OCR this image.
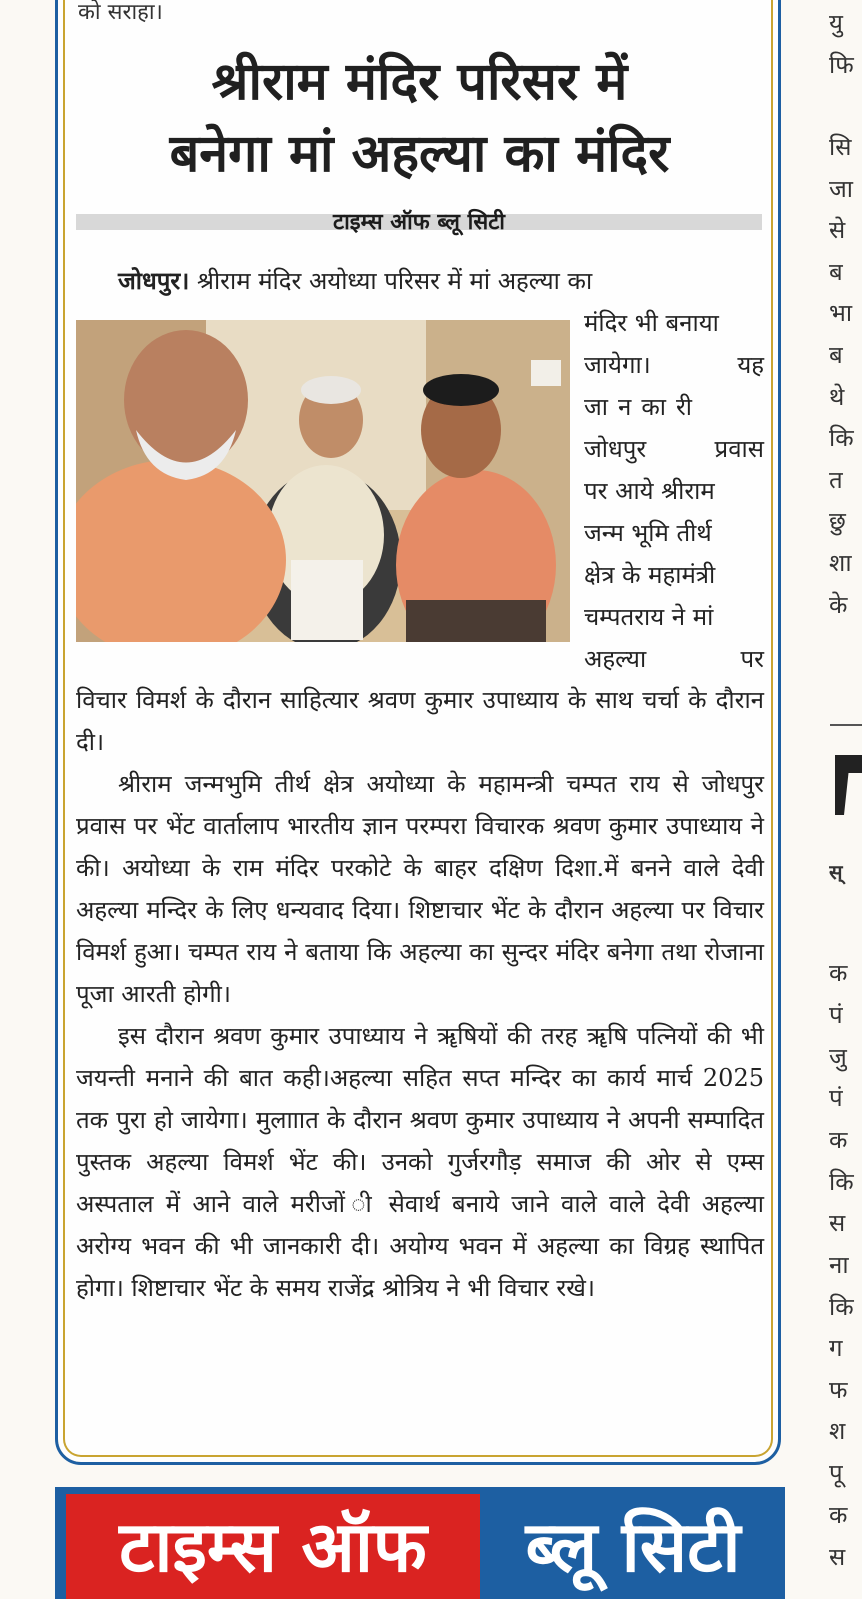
को सराहा।
श्रीराम मंदिर परिसर में
बनेगा मां अहल्या का मंदिर
टाइम्स ऑफ ब्लू सिटी
जोधपुर। श्रीराम मंदिर अयोध्या परिसर में मां अहल्या का
मंदिर भी बनाया
जायेगा। यह
जानकारी
जोधपुर प्रवास
पर आये श्रीराम
जन्म भूमि तीर्थ
क्षेत्र के महामंत्री
चम्पतराय ने मां
अहल्या पर

विचार विमर्श के दौरान साहित्यार श्रवण कुमार उपाध्याय के साथ चर्चा के दौरान दी।

श्रीराम जन्मभुमि तीर्थ क्षेत्र अयोध्या के महामन्त्री चम्पत राय से जोधपुर प्रवास पर भेंट वार्तालाप भारतीय ज्ञान परम्परा विचारक श्रवण कुमार उपाध्याय ने की। अयोध्या के राम मंदिर परकोटे के बाहर दक्षिण दिशा.में बनने वाले देवी अहल्या मन्दिर के लिए धन्यवाद दिया। शिष्टाचार भेंट के दौरान अहल्या पर विचार विमर्श हुआ। चम्पत राय ने बताया कि अहल्या का सुन्दर मंदिर बनेगा तथा रोजाना पूजा आरती होगी।

इस दौरान श्रवण कुमार उपाध्याय ने ॠषियों की तरह ॠषि पत्नियों की भी जयन्ती मनाने की बात कही।अहल्या सहित सप्त मन्दिर का कार्य मार्च 2025 तक पुरा हो जायेगा। मुलााात के दौरान श्रवण कुमार उपाध्याय ने अपनी सम्पादित पुस्तक अहल्या विमर्श भेंट की। उनको गुर्जरगौड़ समाज की ओर से एम्स अस्पताल में आने वाले मरीजों ी सेवार्थ बनाये जाने वाले वाले देवी अहल्या अरोग्य भवन की भी जानकारी दी। अयोग्य भवन में अहल्या का विग्रह स्थापित होगा। शिष्टाचार भेंट के समय राजेंद्र श्रोत्रिय ने भी विचार रखे।

टाइम्स ऑफ	ब्लू सिटी
यु
फि
सि
जा
से
ब
भा
ब
थे
कि
त
छु
शा
के
स्
क
पं
जु
पं
क
कि
स
ना
कि
ग
फ
श
पू
क
स
